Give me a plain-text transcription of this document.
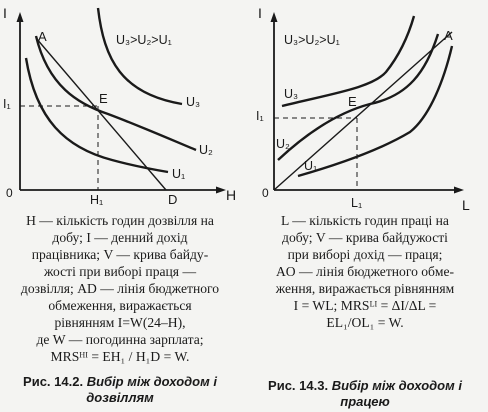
I
H
0
U₃>U₂>U₁
U₃
U₂
U₁
A
E
D
I₁
H₁
I
L
0
U₃>U₂>U₁
U₃
U₂
U₁
A
E
I₁
L₁
H — кількість годин дозвілля на
добу; I — денний дохід
працівника; V — крива байду-
жості при виборі праця —
дозвілля; AD — лінія бюджетного
обмеження, виражається
рівнянням I=W(24–H),
де W — погодинна зарплата;
MRSᴴᴵ = EH₁ / H₁D = W.
Рис. 14.2. Вибір між доходом і
дозвіллям
L — кількість годин праці на
добу; V — крива байдужості
при виборі дохід — праця;
AO — лінія бюджетного обме-
ження, виражається рівнянням
I = WL; MRSᴸᴵ = ΔI/ΔL =
EL₁/OL₁ = W.
Рис. 14.3. Вибір між доходом і
працею
